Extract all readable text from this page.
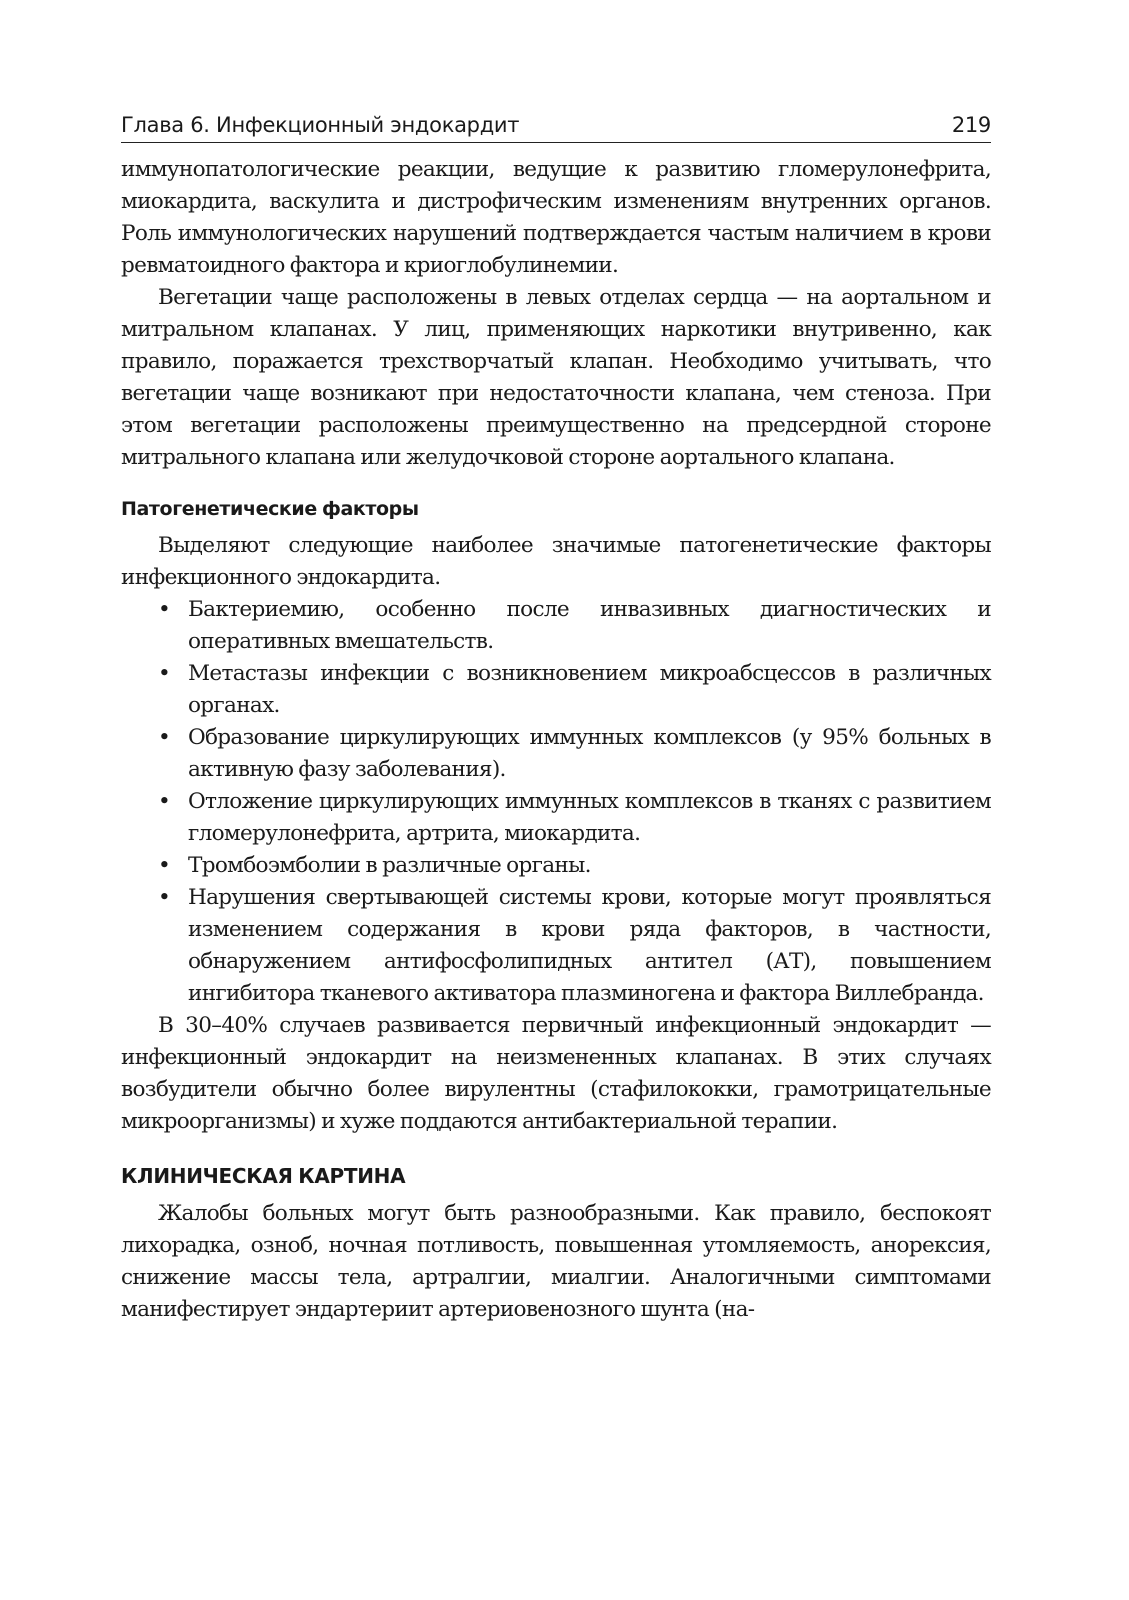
Глава 6. Инфекционный эндокардит	219

иммунопатологические реакции, ведущие к развитию гломерулонефрита, миокардита, васкулита и дистрофическим изменениям внутренних органов. Роль иммунологических нарушений подтверждается частым наличием в крови ревматоидного фактора и криоглобулинемии.

Вегетации чаще расположены в левых отделах сердца — на аортальном и митральном клапанах. У лиц, применяющих наркотики внутривенно, как правило, поражается трехстворчатый клапан. Необходимо учитывать, что вегетации чаще возникают при недостаточности клапана, чем стеноза. При этом вегетации расположены преимущественно на предсердной стороне митрального клапана или желудочковой стороне аортального клапана.

Патогенетические факторы

Выделяют следующие наиболее значимые патогенетические факторы инфекционного эндокардита.

• Бактериемию, особенно после инвазивных диагностических и оперативных вмешательств.
• Метастазы инфекции с возникновением микроабсцессов в различных органах.
• Образование циркулирующих иммунных комплексов (у 95% больных в активную фазу заболевания).
• Отложение циркулирующих иммунных комплексов в тканях с развитием гломерулонефрита, артрита, миокардита.
• Тромбоэмболии в различные органы.
• Нарушения свертывающей системы крови, которые могут проявляться изменением содержания в крови ряда факторов, в частности, обнаружением антифосфолипидных антител (АТ), повышением ингибитора тканевого активатора плазминогена и фактора Виллебранда.

В 30–40% случаев развивается первичный инфекционный эндокардит — инфекционный эндокардит на неизмененных клапанах. В этих случаях возбудители обычно более вирулентны (стафилококки, грамотрицательные микроорганизмы) и хуже поддаются антибактериальной терапии.

КЛИНИЧЕСКАЯ КАРТИНА

Жалобы больных могут быть разнообразными. Как правило, беспокоят лихорадка, озноб, ночная потливость, повышенная утомляемость, анорексия, снижение массы тела, артралгии, миалгии. Аналогичными симптомами манифестирует эндартериит артериовенозного шунта (на-
